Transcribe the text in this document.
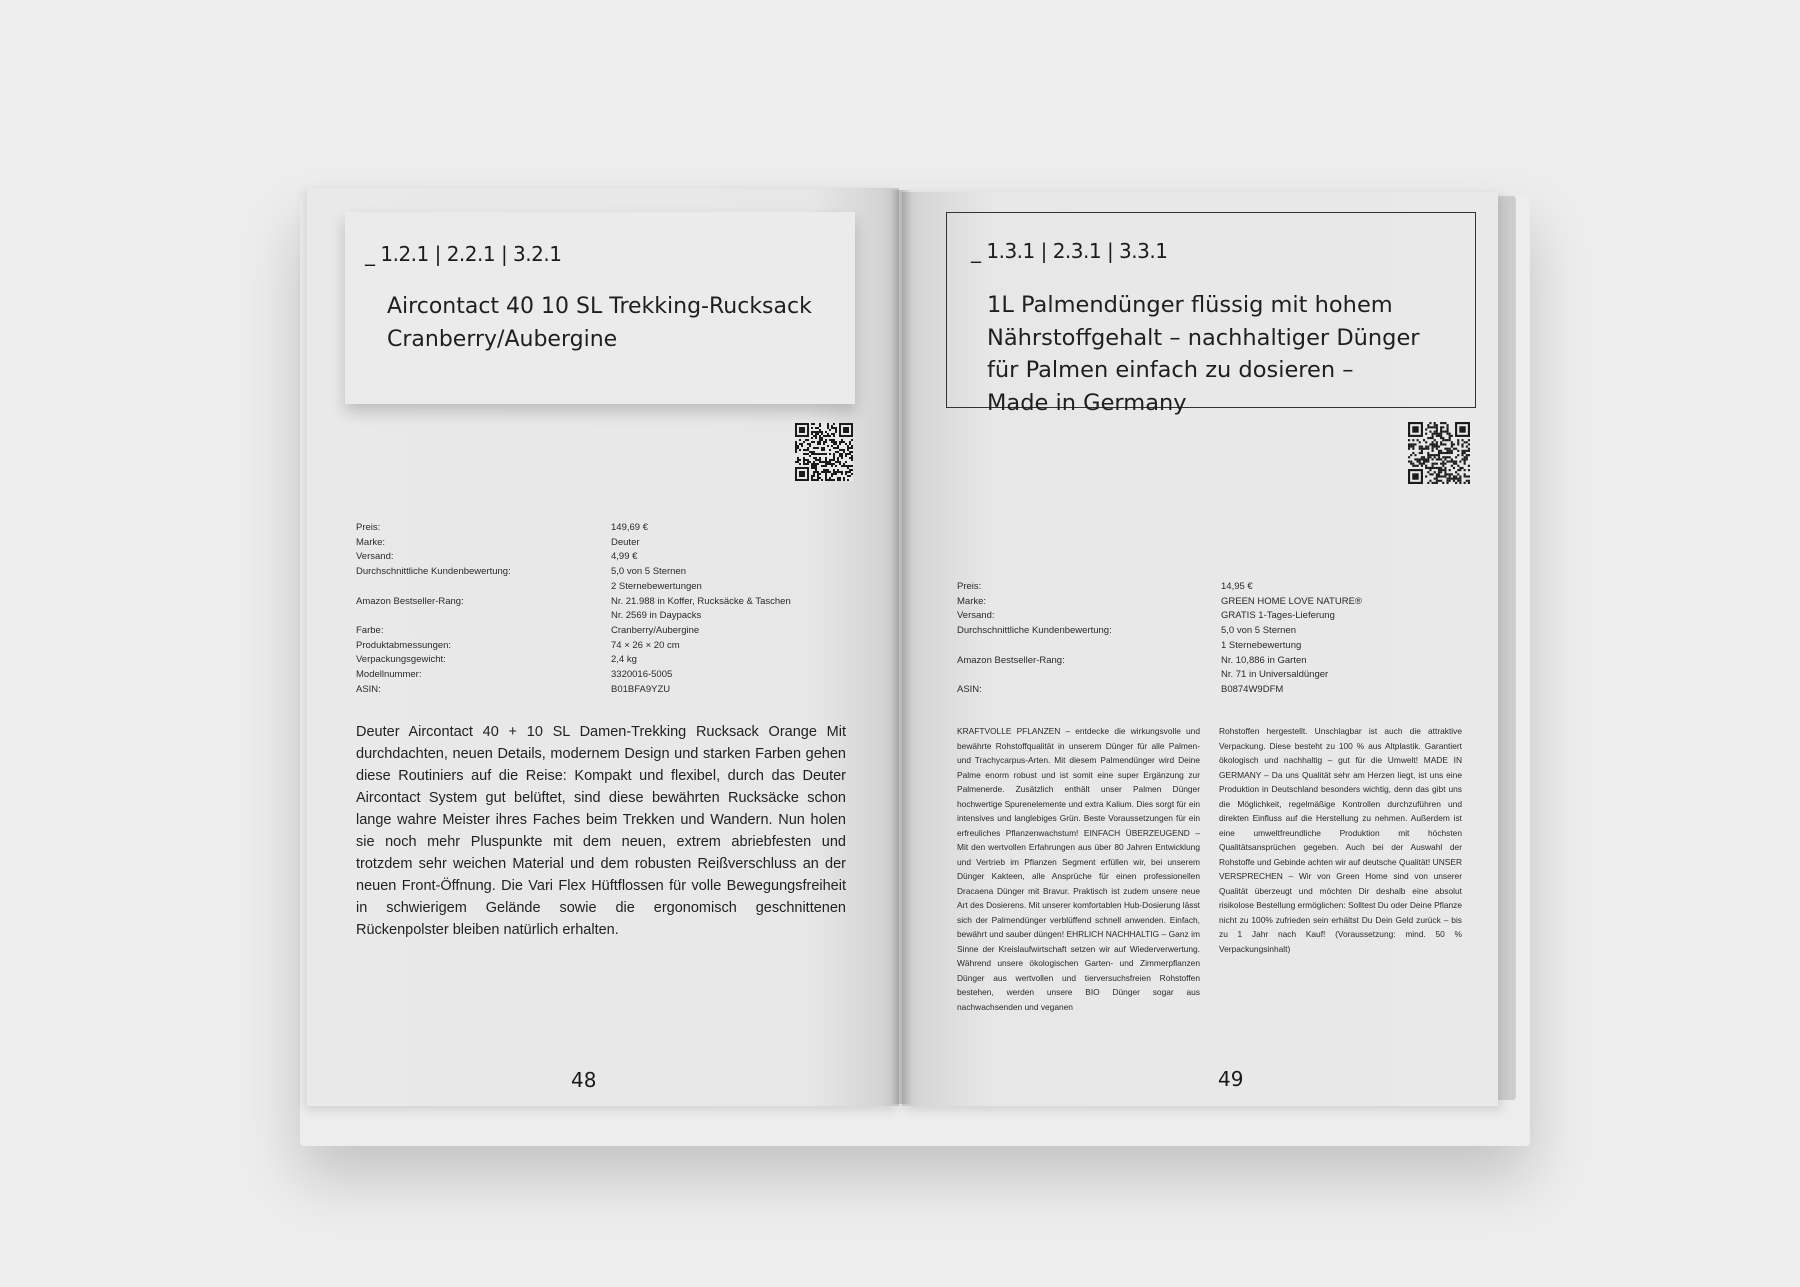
_ 1.2.1 | 2.2.1 | 3.2.1
Aircontact 40 10 SL Trekking-Rucksack
Cranberry/Aubergine
Preis:	149,69 €
Marke:	Deuter
Versand:	4,99 €
Durchschnittliche Kundenbewertung:	5,0 von 5 Sternen
2 Sternebewertungen
Amazon Bestseller-Rang:	Nr. 21.988 in Koffer, Rucksäcke & Taschen
Nr. 2569 in Daypacks
Farbe:	Cranberry/Aubergine
Produktabmessungen:	74 × 26 × 20 cm
Verpackungsgewicht:	2,4 kg
Modellnummer:	3320016-5005
ASIN:	B01BFA9YZU
Deuter Aircontact 40 + 10 SL Damen-Trekking Rucksack Orange Mit durchdachten, neuen Details, modernem Design und starken Farben gehen diese Routiniers auf die Reise: Kompakt und flexibel, durch das Deuter Aircontact System gut belüftet, sind diese bewährten Rucksäcke schon lange wahre Meister ihres Faches beim Trekken und Wandern. Nun holen sie noch mehr Pluspunkte mit dem neuen, extrem abriebfesten und trotzdem sehr weichen Material und dem robusten Reißverschluss an der neuen Front-Öffnung. Die Vari Flex Hüftflossen für volle Bewegungsfreiheit in schwierigem Gelände sowie die ergonomisch geschnittenen Rückenpolster bleiben natürlich erhalten.
48
_ 1.3.1 | 2.3.1 | 3.3.1
1L Palmendünger flüssig mit hohem
Nährstoffgehalt – nachhaltiger Dünger
für Palmen einfach zu dosieren –
Made in Germany
Preis:	14,95 €
Marke:	GREEN HOME LOVE NATURE®
Versand:	GRATIS 1-Tages-Lieferung
Durchschnittliche Kundenbewertung:	5,0 von 5 Sternen
1 Sternebewertung
Amazon Bestseller-Rang:	Nr. 10,886 in Garten
Nr. 71 in Universaldünger
ASIN:	B0874W9DFM
KRAFTVOLLE PFLANZEN – entdecke die wirkungsvolle und bewährte Rohstoffqualität in unserem Dünger für alle Palmen- und Trachycarpus-Arten. Mit diesem Palmendünger wird Deine Palme enorm robust und ist somit eine super Ergänzung zur Palmenerde. Zusätzlich enthält unser Palmen Dünger hochwertige Spurenelemente und extra Kalium. Dies sorgt für ein intensives und langlebiges Grün. Beste Voraussetzungen für ein erfreuliches Pflanzenwachstum! EINFACH ÜBERZEUGEND – Mit den wertvollen Erfahrungen aus über 80 Jahren Entwicklung und Vertrieb im Pflanzen Segment erfüllen wir, bei unserem Dünger Kakteen, alle Ansprüche für einen professionellen Dracaena Dünger mit Bravur. Praktisch ist zudem unsere neue Art des Dosierens. Mit unserer komfortablen Hub-Dosierung lässt sich der Palmendünger verblüffend schnell anwenden. Einfach, bewährt und sauber düngen! EHRLICH NACHHALTIG – Ganz im Sinne der Kreislaufwirtschaft setzen wir auf Wiederverwertung. Während unsere ökologischen Garten- und Zimmerpflanzen Dünger aus wertvollen und tierversuchsfreien Rohstoffen bestehen, werden unsere BIO Dünger sogar aus nachwachsenden und veganen
Rohstoffen hergestellt. Unschlagbar ist auch die attraktive Verpackung. Diese besteht zu 100 % aus Altplastik. Garantiert ökologisch und nachhaltig – gut für die Umwelt! MADE IN GERMANY – Da uns Qualität sehr am Herzen liegt, ist uns eine Produktion in Deutschland besonders wichtig, denn das gibt uns die Möglichkeit, regelmäßige Kontrollen durchzuführen und direkten Einfluss auf die Herstellung zu nehmen. Außerdem ist eine umweltfreundliche Produktion mit höchsten Qualitätsansprüchen gegeben. Auch bei der Auswahl der Rohstoffe und Gebinde achten wir auf deutsche Qualität! UNSER VERSPRECHEN – Wir von Green Home sind von unserer Qualität überzeugt und möchten Dir deshalb eine absolut risikolose Bestellung ermöglichen: Solltest Du oder Deine Pflanze nicht zu 100% zufrieden sein erhältst Du Dein Geld zurück – bis zu 1 Jahr nach Kauf! (Voraussetzung: mind. 50 % Verpackungsinhalt)
49
